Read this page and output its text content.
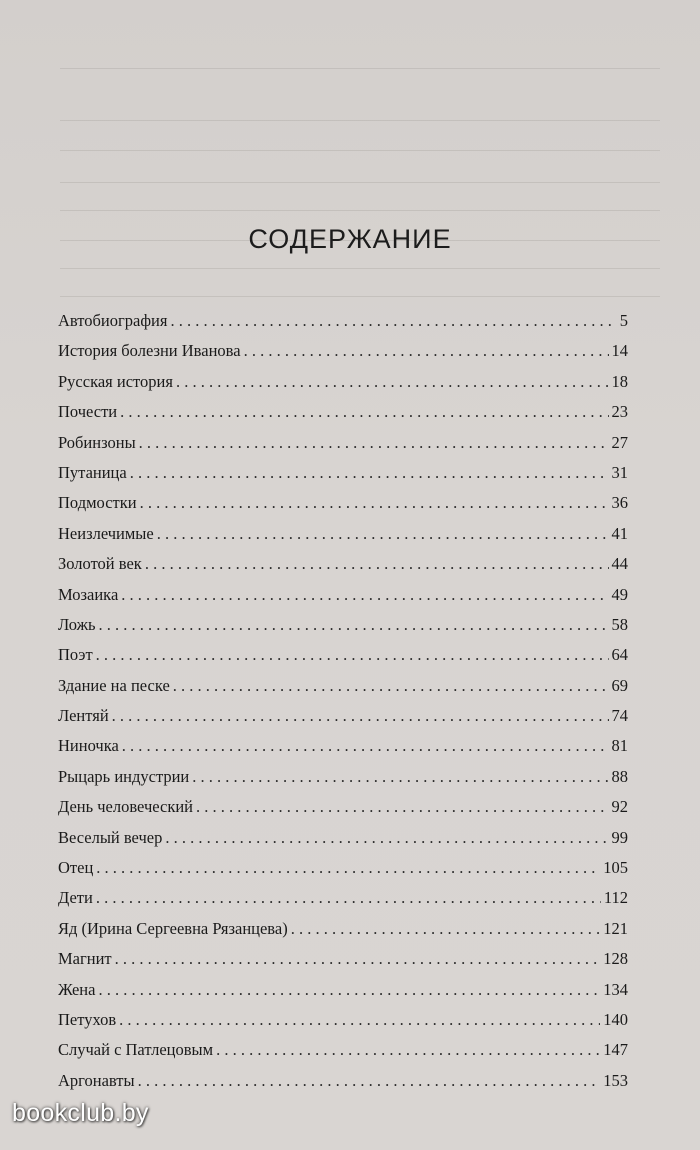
СОДЕРЖАНИЕ
Автобиография . . .	5
История болезни Иванова . . .	14
Русская история . . .	18
Почести . . .	23
Робинзоны . . .	27
Путаница . . .	31
Подмостки . . .	36
Неизлечимые . . .	41
Золотой век . . .	44
Мозаика . . .	49
Ложь . . .	58
Поэт . . .	64
Здание на песке . . .	69
Лентяй . . .	74
Ниночка . . .	81
Рыцарь индустрии . . .	88
День человеческий . . .	92
Веселый вечер . . .	99
Отец . . .	105
Дети . . .	112
Яд (Ирина Сергеевна Рязанцева) . . .	121
Магнит . . .	128
Жена . . .	134
Петухов . . .	140
Случай с Патлецовым . . .	147
Аргонавты . . .	153
bookclub.by
